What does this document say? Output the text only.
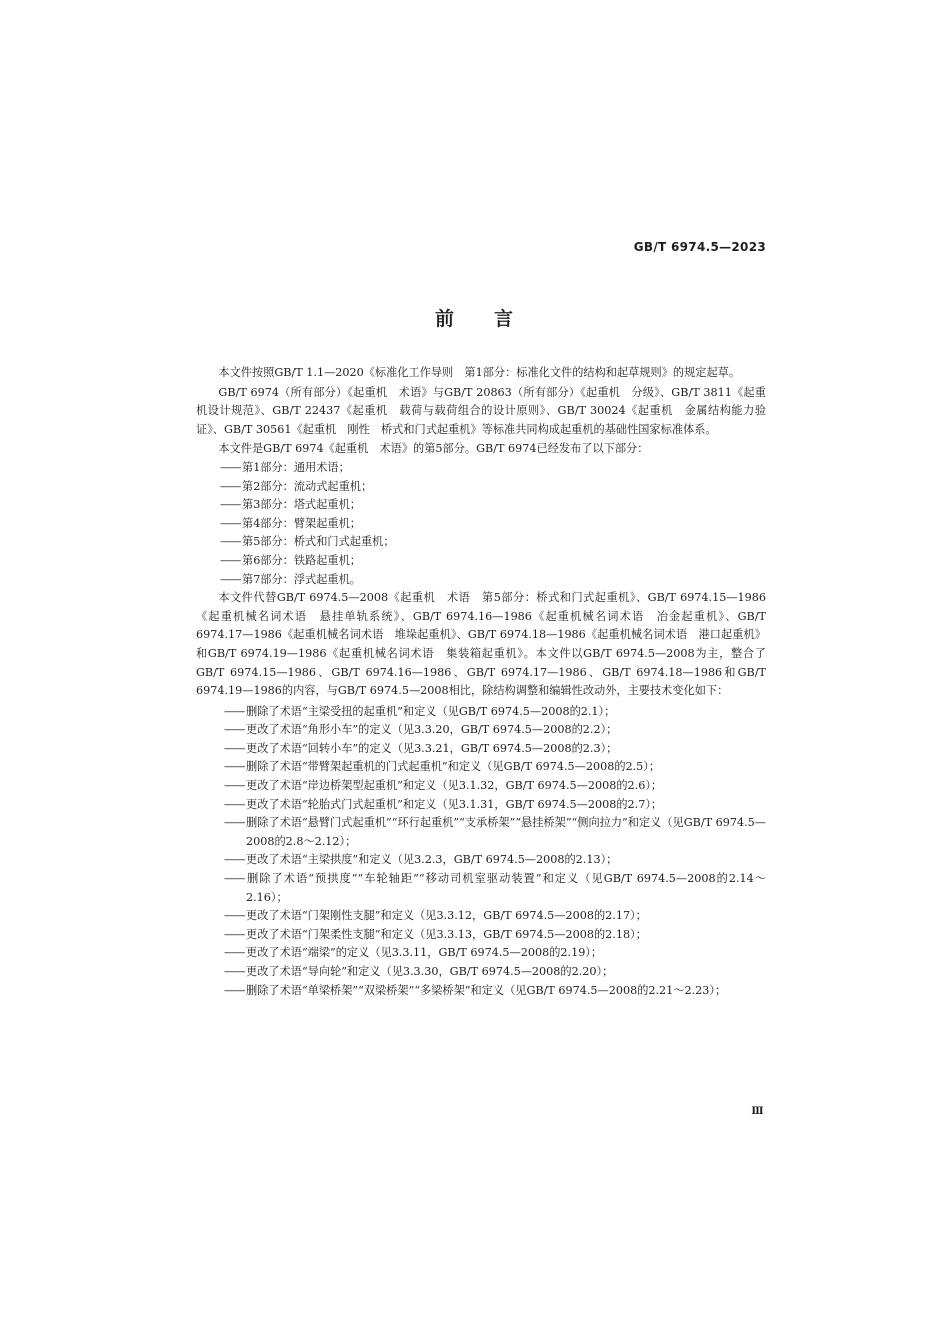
GB/T 6974.5—2023
前 言

本文件按照GB/T 1.1—2020《标准化工作导则　第1部分：标准化文件的结构和起草规则》的规定起草。

GB/T 6974（所有部分）《起重机　术语》与GB/T 20863（所有部分）《起重机　分级》、GB/T 3811《起重机设计规范》、GB/T 22437《起重机　载荷与载荷组合的设计原则》、GB/T 30024《起重机　金属结构能力验证》、GB/T 30561《起重机　刚性　桥式和门式起重机》等标准共同构成起重机的基础性国家标准体系。

本文件是GB/T 6974《起重机　术语》的第5部分。GB/T 6974已经发布了以下部分：

—— 第1部分：通用术语；
—— 第2部分：流动式起重机；
—— 第3部分：塔式起重机；
—— 第4部分：臂架起重机；
—— 第5部分：桥式和门式起重机；
—— 第6部分：铁路起重机；
—— 第7部分：浮式起重机。

本文件代替GB/T 6974.5—2008《起重机　术语　第5部分：桥式和门式起重机》、GB/T 6974.15—1986《起重机械名词术语　悬挂单轨系统》、GB/T 6974.16—1986《起重机械名词术语　冶金起重机》、GB/T 6974.17—1986《起重机械名词术语　堆垛起重机》、GB/T 6974.18—1986《起重机械名词术语　港口起重机》和GB/T 6974.19—1986《起重机械名词术语　集装箱起重机》。本文件以GB/T 6974.5—2008为主，整合了GB/T 6974.15—1986、GB/T 6974.16—1986、GB/T 6974.17—1986、GB/T 6974.18—1986和GB/T 6974.19—1986的内容，与GB/T 6974.5—2008相比，除结构调整和编辑性改动外，主要技术变化如下：

—— 删除了术语“主梁受扭的起重机”和定义（见GB/T 6974.5—2008的2.1）；
—— 更改了术语“角形小车”的定义（见3.3.20，GB/T 6974.5—2008的2.2）；
—— 更改了术语“回转小车”的定义（见3.3.21，GB/T 6974.5—2008的2.3）；
—— 删除了术语“带臂架起重机的门式起重机”和定义（见GB/T 6974.5—2008的2.5）；
—— 更改了术语“岸边桥架型起重机”和定义（见3.1.32，GB/T 6974.5—2008的2.6）；
—— 更改了术语“轮胎式门式起重机”和定义（见3.1.31，GB/T 6974.5—2008的2.7）；
—— 删除了术语“悬臂门式起重机”“环行起重机”“支承桥架”“悬挂桥架”“侧向拉力”和定义（见GB/T 6974.5—2008的2.8～2.12）；
—— 更改了术语“主梁拱度”和定义（见3.2.3，GB/T 6974.5—2008的2.13）；
—— 删除了术语“预拱度”“车轮轴距”“移动司机室驱动装置”和定义（见GB/T 6974.5—2008的2.14～2.16）；
—— 更改了术语“门架刚性支腿”和定义（见3.3.12，GB/T 6974.5—2008的2.17）；
—— 更改了术语“门架柔性支腿”和定义（见3.3.13，GB/T 6974.5—2008的2.18）；
—— 更改了术语“端梁”的定义（见3.3.11，GB/T 6974.5—2008的2.19）；
—— 更改了术语“导向轮”和定义（见3.3.30，GB/T 6974.5—2008的2.20）；
—— 删除了术语“单梁桥架”“双梁桥架”“多梁桥架”和定义（见GB/T 6974.5—2008的2.21～2.23）；
Ⅲ
